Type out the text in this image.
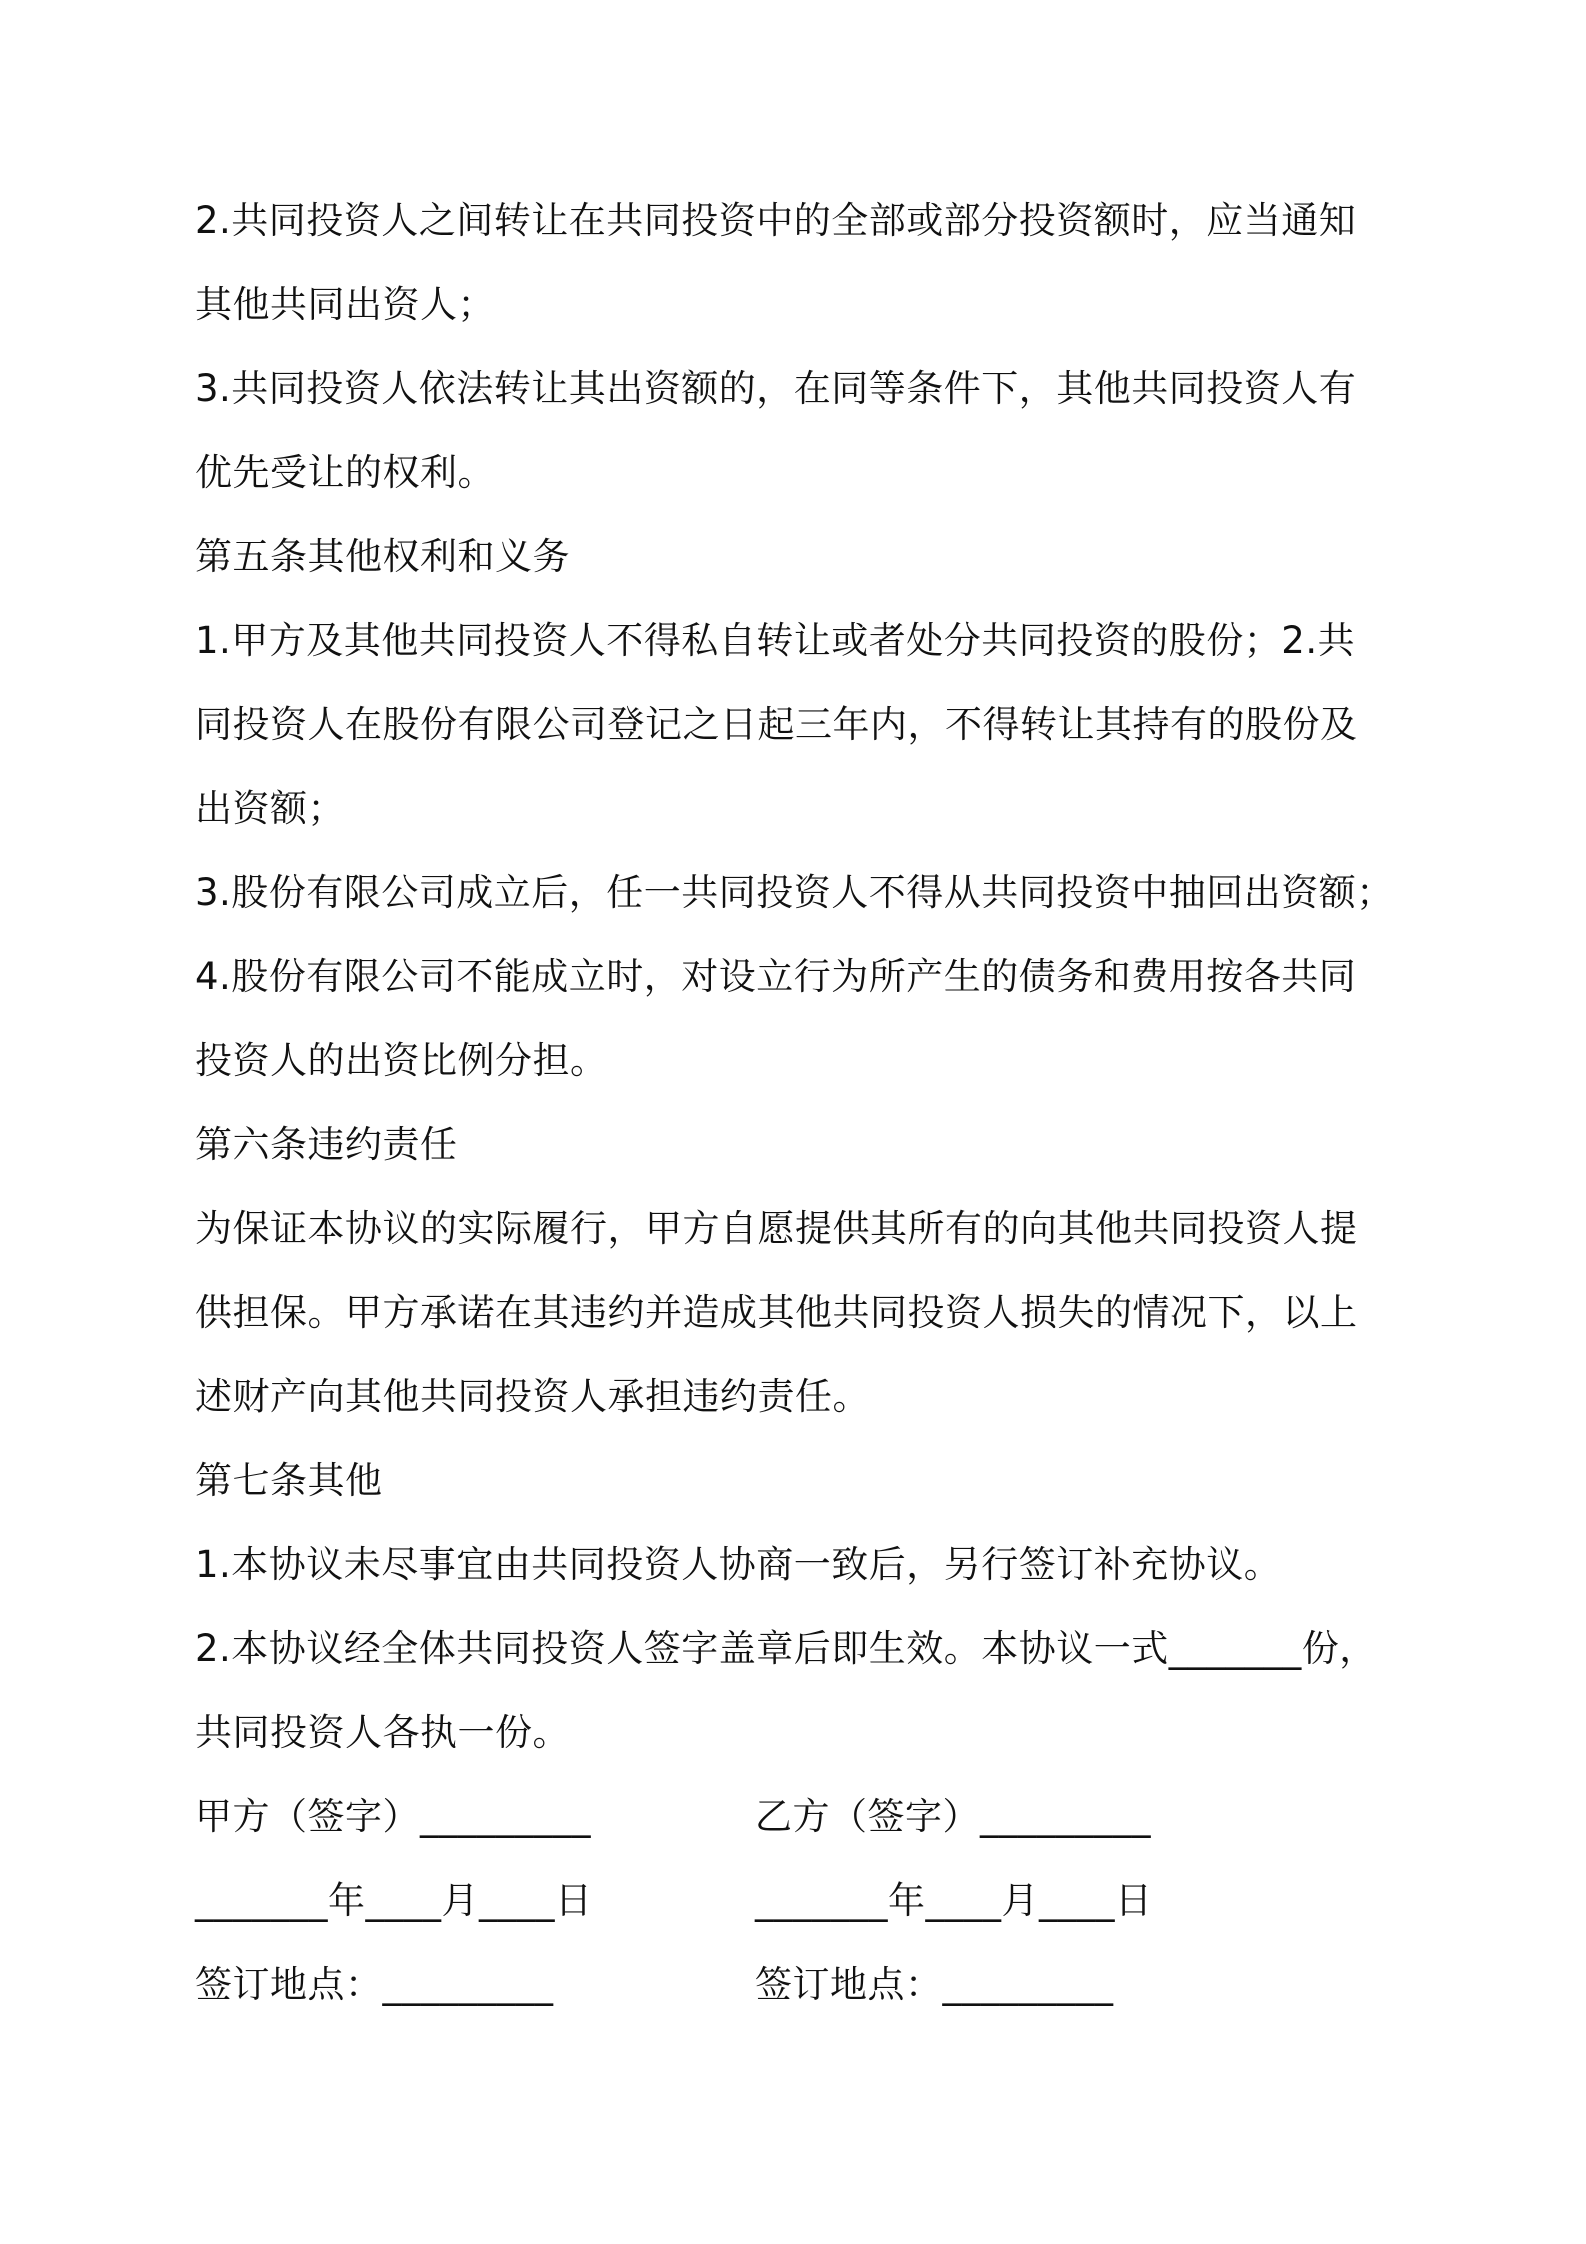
2.共同投资人之间转让在共同投资中的全部或部分投资额时，应当通知

其他共同出资人；

3.共同投资人依法转让其出资额的，在同等条件下，其他共同投资人有

优先受让的权利。

第五条其他权利和义务

1.甲方及其他共同投资人不得私自转让或者处分共同投资的股份；2.共

同投资人在股份有限公司登记之日起三年内，不得转让其持有的股份及

出资额；

3.股份有限公司成立后，任一共同投资人不得从共同投资中抽回出资额；

4.股份有限公司不能成立时，对设立行为所产生的债务和费用按各共同

投资人的出资比例分担。

第六条违约责任

为保证本协议的实际履行，甲方自愿提供其所有的向其他共同投资人提

供担保。甲方承诺在其违约并造成其他共同投资人损失的情况下，以上

述财产向其他共同投资人承担违约责任。

第七条其他

1.本协议未尽事宜由共同投资人协商一致后，另行签订补充协议。

2.本协议经全体共同投资人签字盖章后即生效。本协议一式_______份，

共同投资人各执一份。

甲方（签字）_________	乙方（签字）_________

_______年____月____日	_______年____月____日

签订地点：_________	签订地点：_________
